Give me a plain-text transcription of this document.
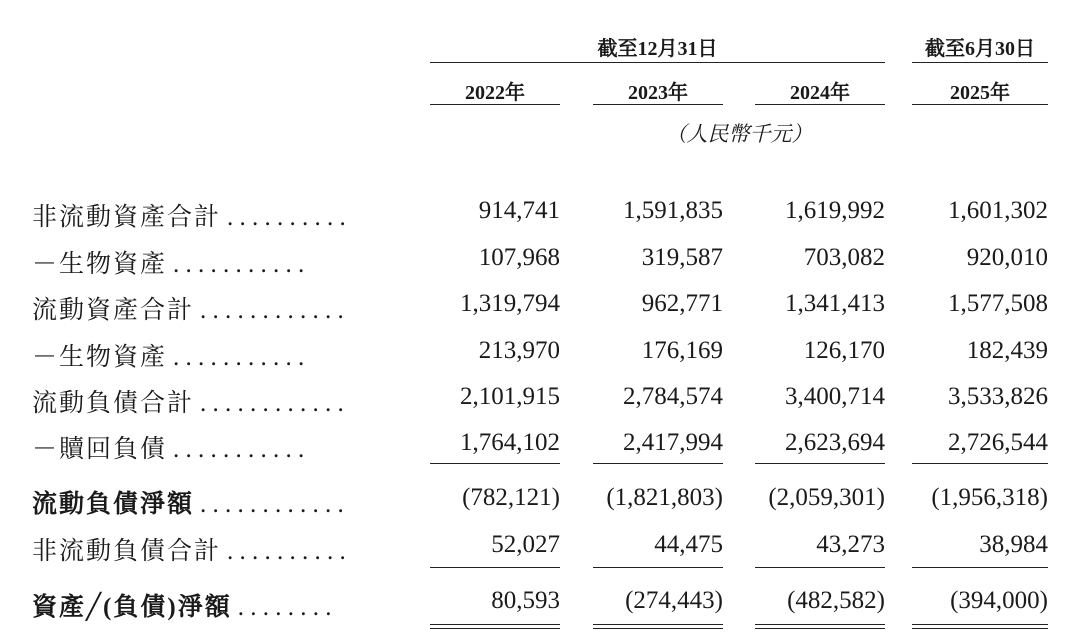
截至12月31日	截至6月30日
2022年	2023年	2024年	2025年
（人民幣千元）
非流動資產合計 . . . . . . . . . .	914,741	1,591,835 1,619,992	1,601,302
－生物資產 . . . . . . . . . . .	107,968	319,587	703,082	920,010
流動資產合計 . . . . . . . . . . . .	1,319,794	962,771 1,341,413	1,577,508
－生物資產 . . . . . . . . . . .	213,970	176,169	126,170	182,439
流動負債合計 . . . . . . . . . . . .	2,101,915	2,784,574 3,400,714	3,533,826
－贖回負債 . . . . . . . . . . .	1,764,102	2,417,994 2,623,694	2,726,544
流動負債淨額 . . . . . . . . . . . .	(782,121) (1,821,803) (2,059,301) (1,956,318)
非流動負債合計 . . . . . . . . . .	52,027	44,475	43,273	38,984
資產╱(負債)淨額 . . . . . . . .	80,593	(274,443)	(482,582)	(394,000)
